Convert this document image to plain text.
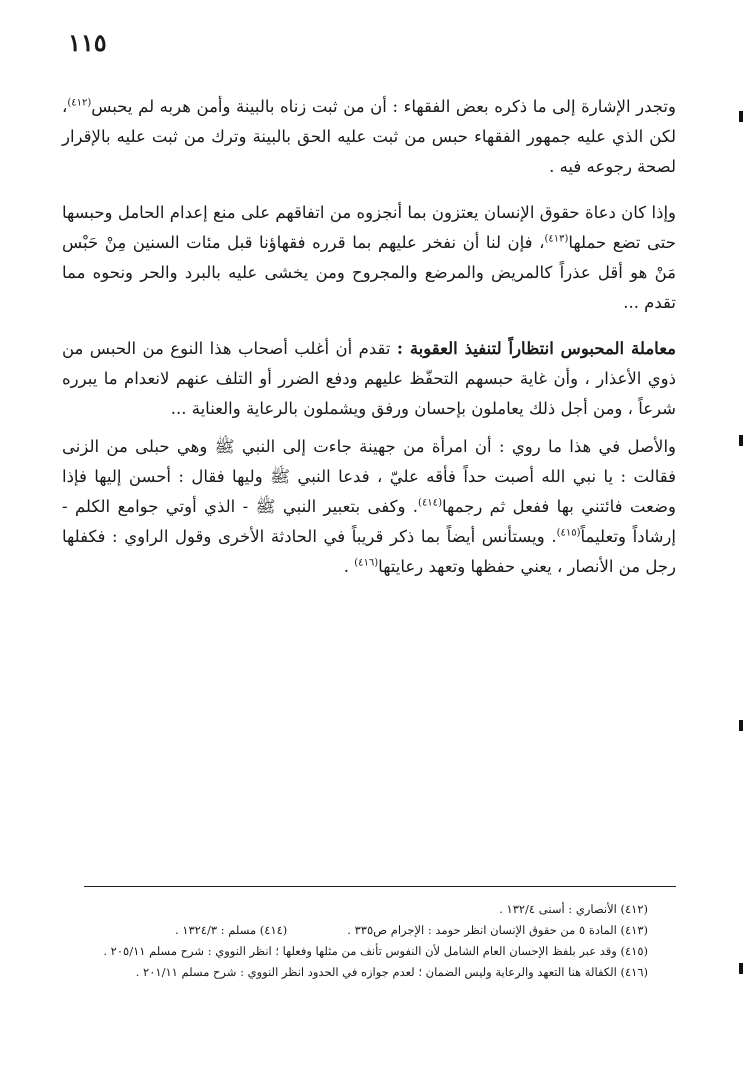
١١٥

وتجدر الإشارة إلى ما ذكره بعض الفقهاء : أن من ثبت زناه بالبينة وأمن هربه لم يحبس$^{(٤١٢)}$، لكن الذي عليه جمهور الفقهاء حبس من ثبت عليه الحق بالبينة وترك من ثبت عليه بالإقرار لصحة رجوعه فيه .

وإذا كان دعاة حقوق الإنسان يعتزون بما أنجزوه من اتفاقهم على منع إعدام الحامل وحبسها حتى تضع حملها$^{(٤١٣)}$، فإن لنا أن نفخر عليهم بما قرره فقهاؤنا قبل مئات السنين مِنْ حَبْس مَنْ هو أقل عذراً كالمريض والمرضع والمجروح ومن يخشى عليه بالبرد والحر ونحوه مما تقدم ...

معاملة المحبوس انتظاراً لتنفيذ العقوبة : تقدم أن أغلب أصحاب هذا النوع من الحبس من ذوي الأعذار ، وأن غاية حبسهم التحفّظ عليهم ودفع الضرر أو التلف عنهم لانعدام ما يبرره شرعاً ، ومن أجل ذلك يعاملون بإحسان ورفق ويشملون بالرعاية والعناية ...

والأصل في هذا ما روي : أن امرأة من جهينة جاءت إلى النبي ﷺ وهي حبلى من الزنى فقالت : يا نبي الله أصبت حداً فأقه عليّ ، فدعا النبي ﷺ وليها فقال : أحسن إليها فإذا وضعت فائتني بها ففعل ثم رجمها$^{(٤١٤)}$. وكفى بتعبير النبي ﷺ - الذي أوتي جوامع الكلم - إرشاداً وتعليماً$^{(٤١٥)}$. ويستأنس أيضاً بما ذكر قريباً في الحادثة الأخرى وقول الراوي : فكفلها رجل من الأنصار ، يعني حفظها وتعهد رعايتها$^{(٤١٦)}$ .

(٤١٢) الأنصاري : أسنى ١٣٢/٤ .

(٤١٣) المادة ٥ من حقوق الإنسان انظر حومد : الإجرام ص٣٣٥ .

(٤١٤) مسلم : ١٣٢٤/٣ .

(٤١٥) وقد عبر بلفظ الإحسان العام الشامل لأن النفوس تأنف من مثلها وفعلها ؛ انظر النووي : شرح مسلم ٢٠٥/١١ .

(٤١٦) الكفالة هنا التعهد والرعاية وليس الضمان ؛ لعدم جوازه في الحدود انظر النووي : شرح مسلم ٢٠١/١١ .
